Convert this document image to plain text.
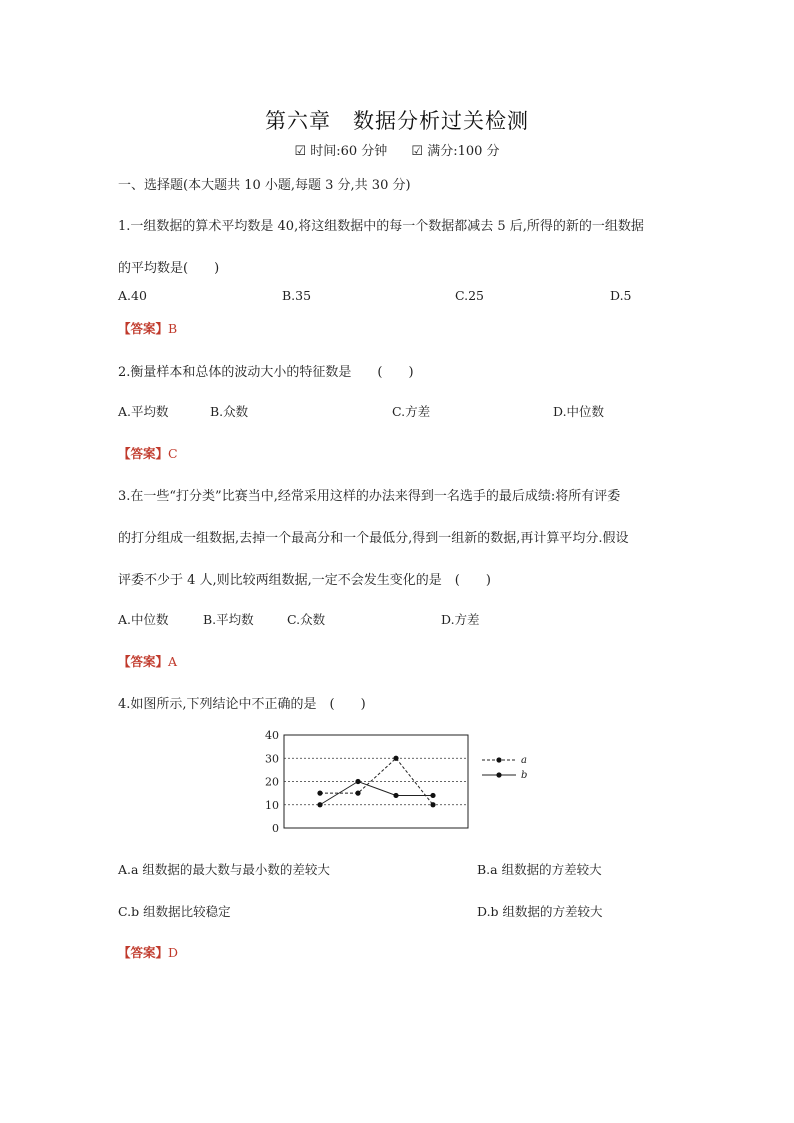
第六章　数据分析过关检测
☑ 时间:60 分钟 ☑ 满分:100 分
一、选择题(本大题共 10 小题,每题 3 分,共 30 分)
1.一组数据的算术平均数是 40,将这组数据中的每一个数据都减去 5 后,所得的新的一组数据
的平均数是(　　)
A.40	B.35	C.25	D.5
【答案】B
2.衡量样本和总体的波动大小的特征数是　　(　　)
A.平均数	B.众数	C.方差	D.中位数
【答案】C
3.在一些“打分类”比赛当中,经常采用这样的办法来得到一名选手的最后成绩:将所有评委
的打分组成一组数据,去掉一个最高分和一个最低分,得到一组新的数据,再计算平均分.假设
评委不少于 4 人,则比较两组数据,一定不会发生变化的是　(　　)
A.中位数	B.平均数	C.众数	D.方差
【答案】A
4.如图所示,下列结论中不正确的是　(　　)
40
30
20
10
0
a
b
A.a 组数据的最大数与最小数的差较大	B.a 组数据的方差较大
C.b 组数据比较稳定	D.b 组数据的方差较大
【答案】D
